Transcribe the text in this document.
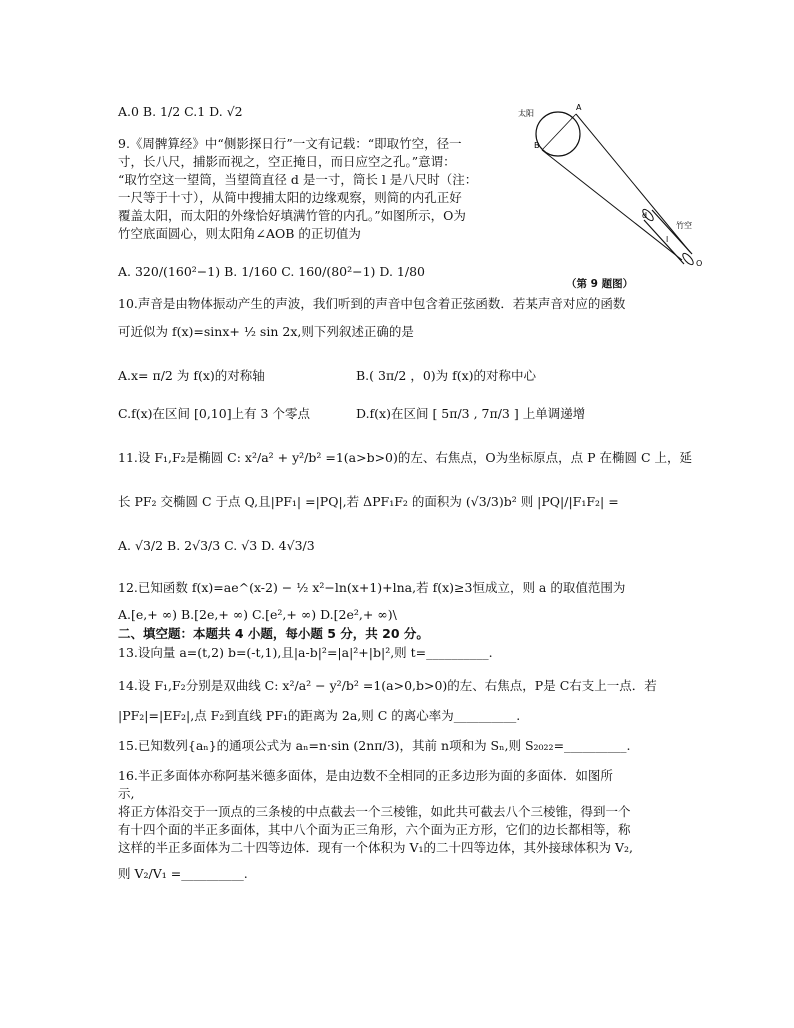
A.0 B. 1/2 C.1 D. √2
9.《周髀算经》中“侧影探日行”一文有记载：“即取竹空，径一
寸，长八尺，捕影而视之，空正掩日，而日应空之孔。”意谓：
“取竹空这一望筒，当望筒直径 d 是一寸，筒长 l 是八尺时（注：
一尺等于十寸），从简中搜捕太阳的边缘观察，则简的内孔正好
覆盖太阳，而太阳的外缘恰好填满竹管的内孔。”如图所示，O为
竹空底面圆心，则太阳角∠AOB 的正切值为
A. 320/(160²−1) B. 1/160 C. 160/(80²−1) D. 1/80
太阳
A
B
d
l
竹空
O
（第 9 题图）
10.声音是由物体振动产生的声波，我们听到的声音中包含着正弦函数．若某声音对应的函数
可近似为 f(x)=sinx+ ½ sin 2x,则下列叙述正确的是
A.x= π/2 为 f(x)的对称轴	B.( 3π/2 ，0)为 f(x)的对称中心
C.f(x)在区间 [0,10]上有 3 个零点	D.f(x)在区间 [ 5π/3 , 7π/3 ] 上单调递增
11.设 F₁,F₂是椭圆 C: x²/a² + y²/b² =1(a>b>0)的左、右焦点，O为坐标原点，点 P 在椭圆 C 上，延
长 PF₂ 交椭圆 C 于点 Q,且|PF₁| =|PQ|,若 ΔPF₁F₂ 的面积为 (√3/3)b² 则 |PQ|/|F₁F₂| =
A. √3/2 B. 2√3/3 C. √3 D. 4√3/3
12.已知函数 f(x)=ae^(x-2) − ½ x²−ln(x+1)+lna,若 f(x)≥3恒成立，则 a 的取值范围为
A.[e,+ ∞) B.[2e,+ ∞) C.[e²,+ ∞) D.[2e²,+ ∞)\
二、填空题：本题共 4 小题，每小题 5 分，共 20 分。
13.设向量 a=(t,2) b=(-t,1),且|a-b|²=|a|²+|b|²,则 t=__________.
14.设 F₁,F₂分别是双曲线 C: x²/a² − y²/b² =1(a>0,b>0)的左、右焦点，P是 C右支上一点．若
|PF₂|=|EF₂|,点 F₂到直线 PF₁的距离为 2a,则 C 的离心率为__________.
15.已知数列{aₙ}的通项公式为 aₙ=n·sin (2nπ/3)，其前 n项和为 Sₙ,则 S₂₀₂₂=__________.
16.半正多面体亦称阿基米德多面体，是由边数不全相同的正多边形为面的多面体．如图所
示,
将正方体沿交于一顶点的三条棱的中点截去一个三棱锥，如此共可截去八个三棱锥，得到一个
有十四个面的半正多面体，其中八个面为正三角形，六个面为正方形，它们的边长都相等，称
这样的半正多面体为二十四等边体．现有一个体积为 V₁的二十四等边体，其外接球体积为 V₂,
则 V₂/V₁ =__________.
